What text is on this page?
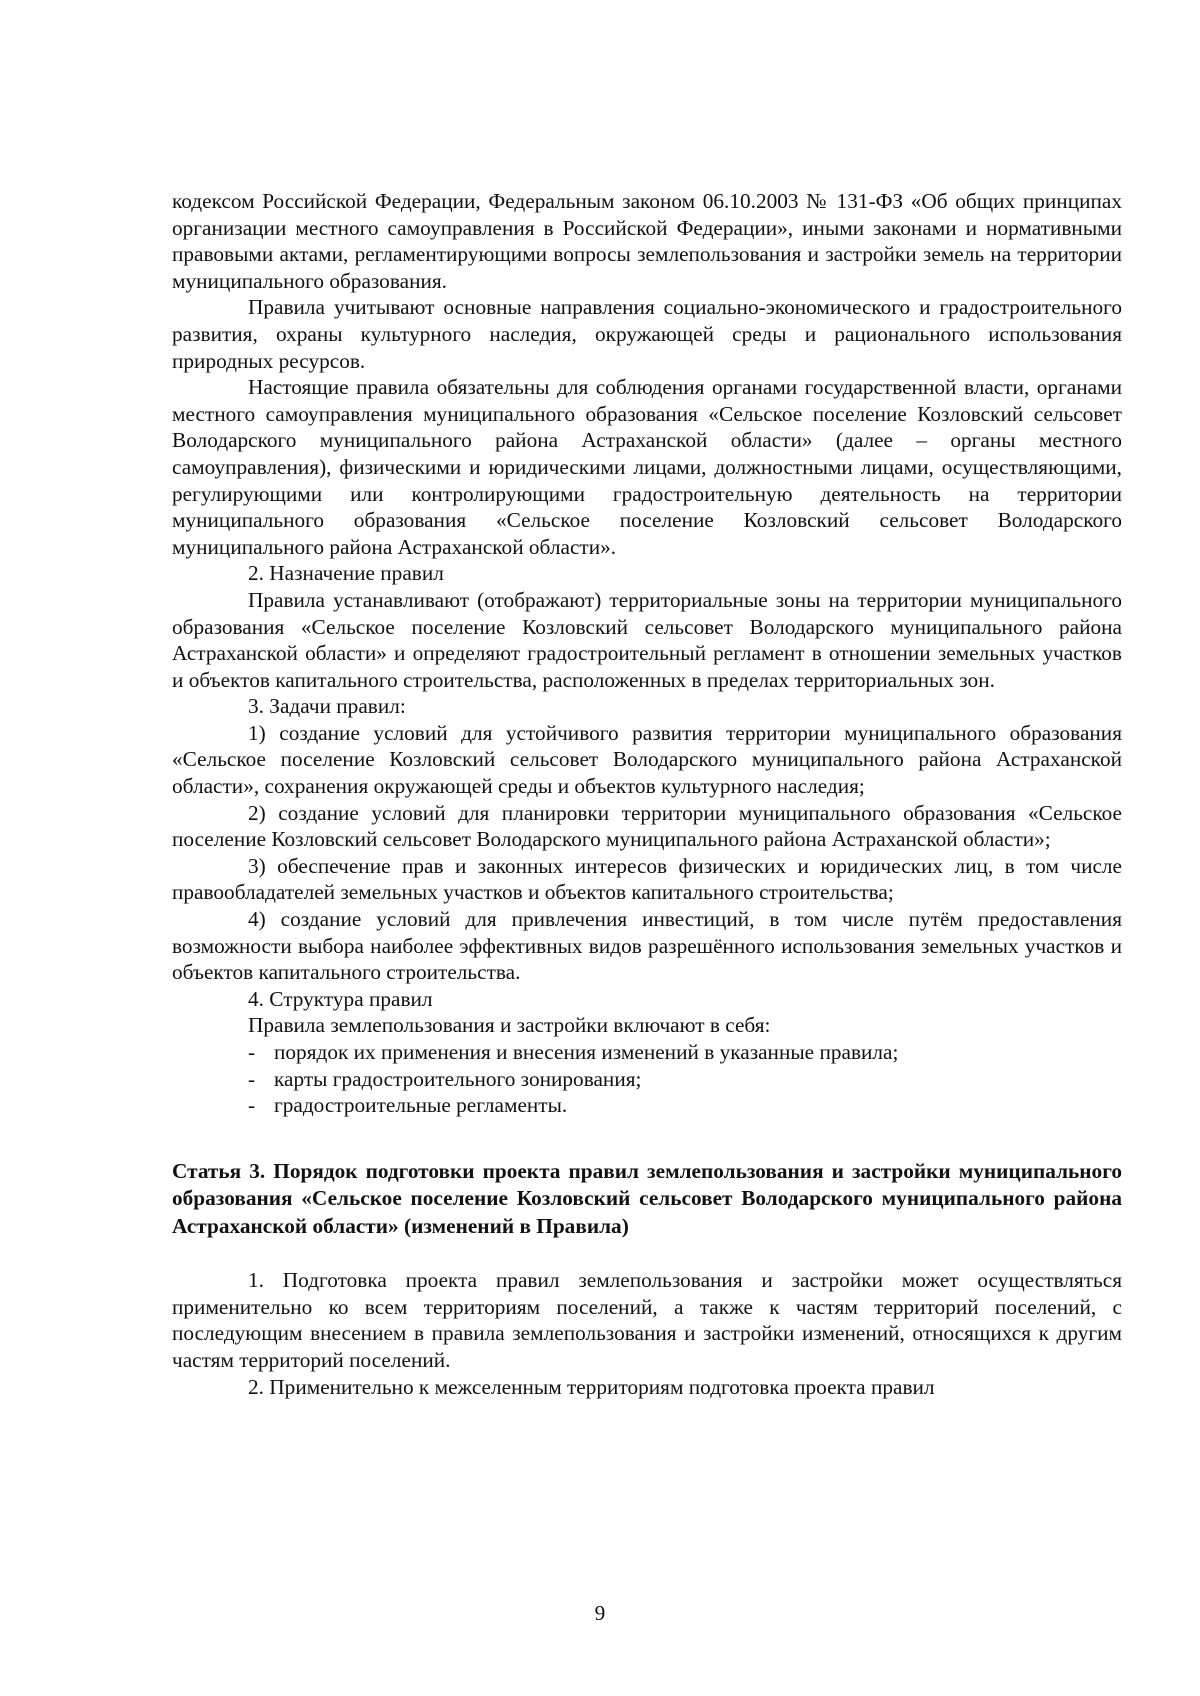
кодексом Российской Федерации, Федеральным законом 06.10.2003 № 131-ФЗ «Об общих принципах организации местного самоуправления в Российской Федерации», иными законами и нормативными правовыми актами, регламентирующими вопросы землепользования и застройки земель на территории муниципального образования.

Правила учитывают основные направления социально-экономического и градостроительного развития, охраны культурного наследия, окружающей среды и рационального использования природных ресурсов.

Настоящие правила обязательны для соблюдения органами государственной власти, органами местного самоуправления муниципального образования «Сельское поселение Козловский сельсовет Володарского муниципального района Астраханской области» (далее – органы местного самоуправления), физическими и юридическими лицами, должностными лицами, осуществляющими, регулирующими или контролирующими градостроительную деятельность на территории муниципального образования «Сельское поселение Козловский сельсовет Володарского муниципального района Астраханской области».

2. Назначение правил

Правила устанавливают (отображают) территориальные зоны на территории муниципального образования «Сельское поселение Козловский сельсовет Володарского муниципального района Астраханской области» и определяют градостроительный регламент в отношении земельных участков и объектов капитального строительства, расположенных в пределах территориальных зон.

3. Задачи правил:

1) создание условий для устойчивого развития территории муниципального образования «Сельское поселение Козловский сельсовет Володарского муниципального района Астраханской области», сохранения окружающей среды и объектов культурного наследия;

2) создание условий для планировки территории муниципального образования «Сельское поселение Козловский сельсовет Володарского муниципального района Астраханской области»;

3) обеспечение прав и законных интересов физических и юридических лиц, в том числе правообладателей земельных участков и объектов капитального строительства;

4) создание условий для привлечения инвестиций, в том числе путём предоставления возможности выбора наиболее эффективных видов разрешённого использования земельных участков и объектов капитального строительства.

4. Структура правил

Правила землепользования и застройки включают в себя:

- порядок их применения и внесения изменений в указанные правила;
- карты градостроительного зонирования;
- градостроительные регламенты.

Статья 3. Порядок подготовки проекта правил землепользования и застройки муниципального образования «Сельское поселение Козловский сельсовет Володарского муниципального района Астраханской области» (изменений в Правила)

1. Подготовка проекта правил землепользования и застройки может осуществляться применительно ко всем территориям поселений, а также к частям территорий поселений, с последующим внесением в правила землепользования и застройки изменений, относящихся к другим частям территорий поселений.

2. Применительно к межселенным территориям подготовка проекта правил

9
